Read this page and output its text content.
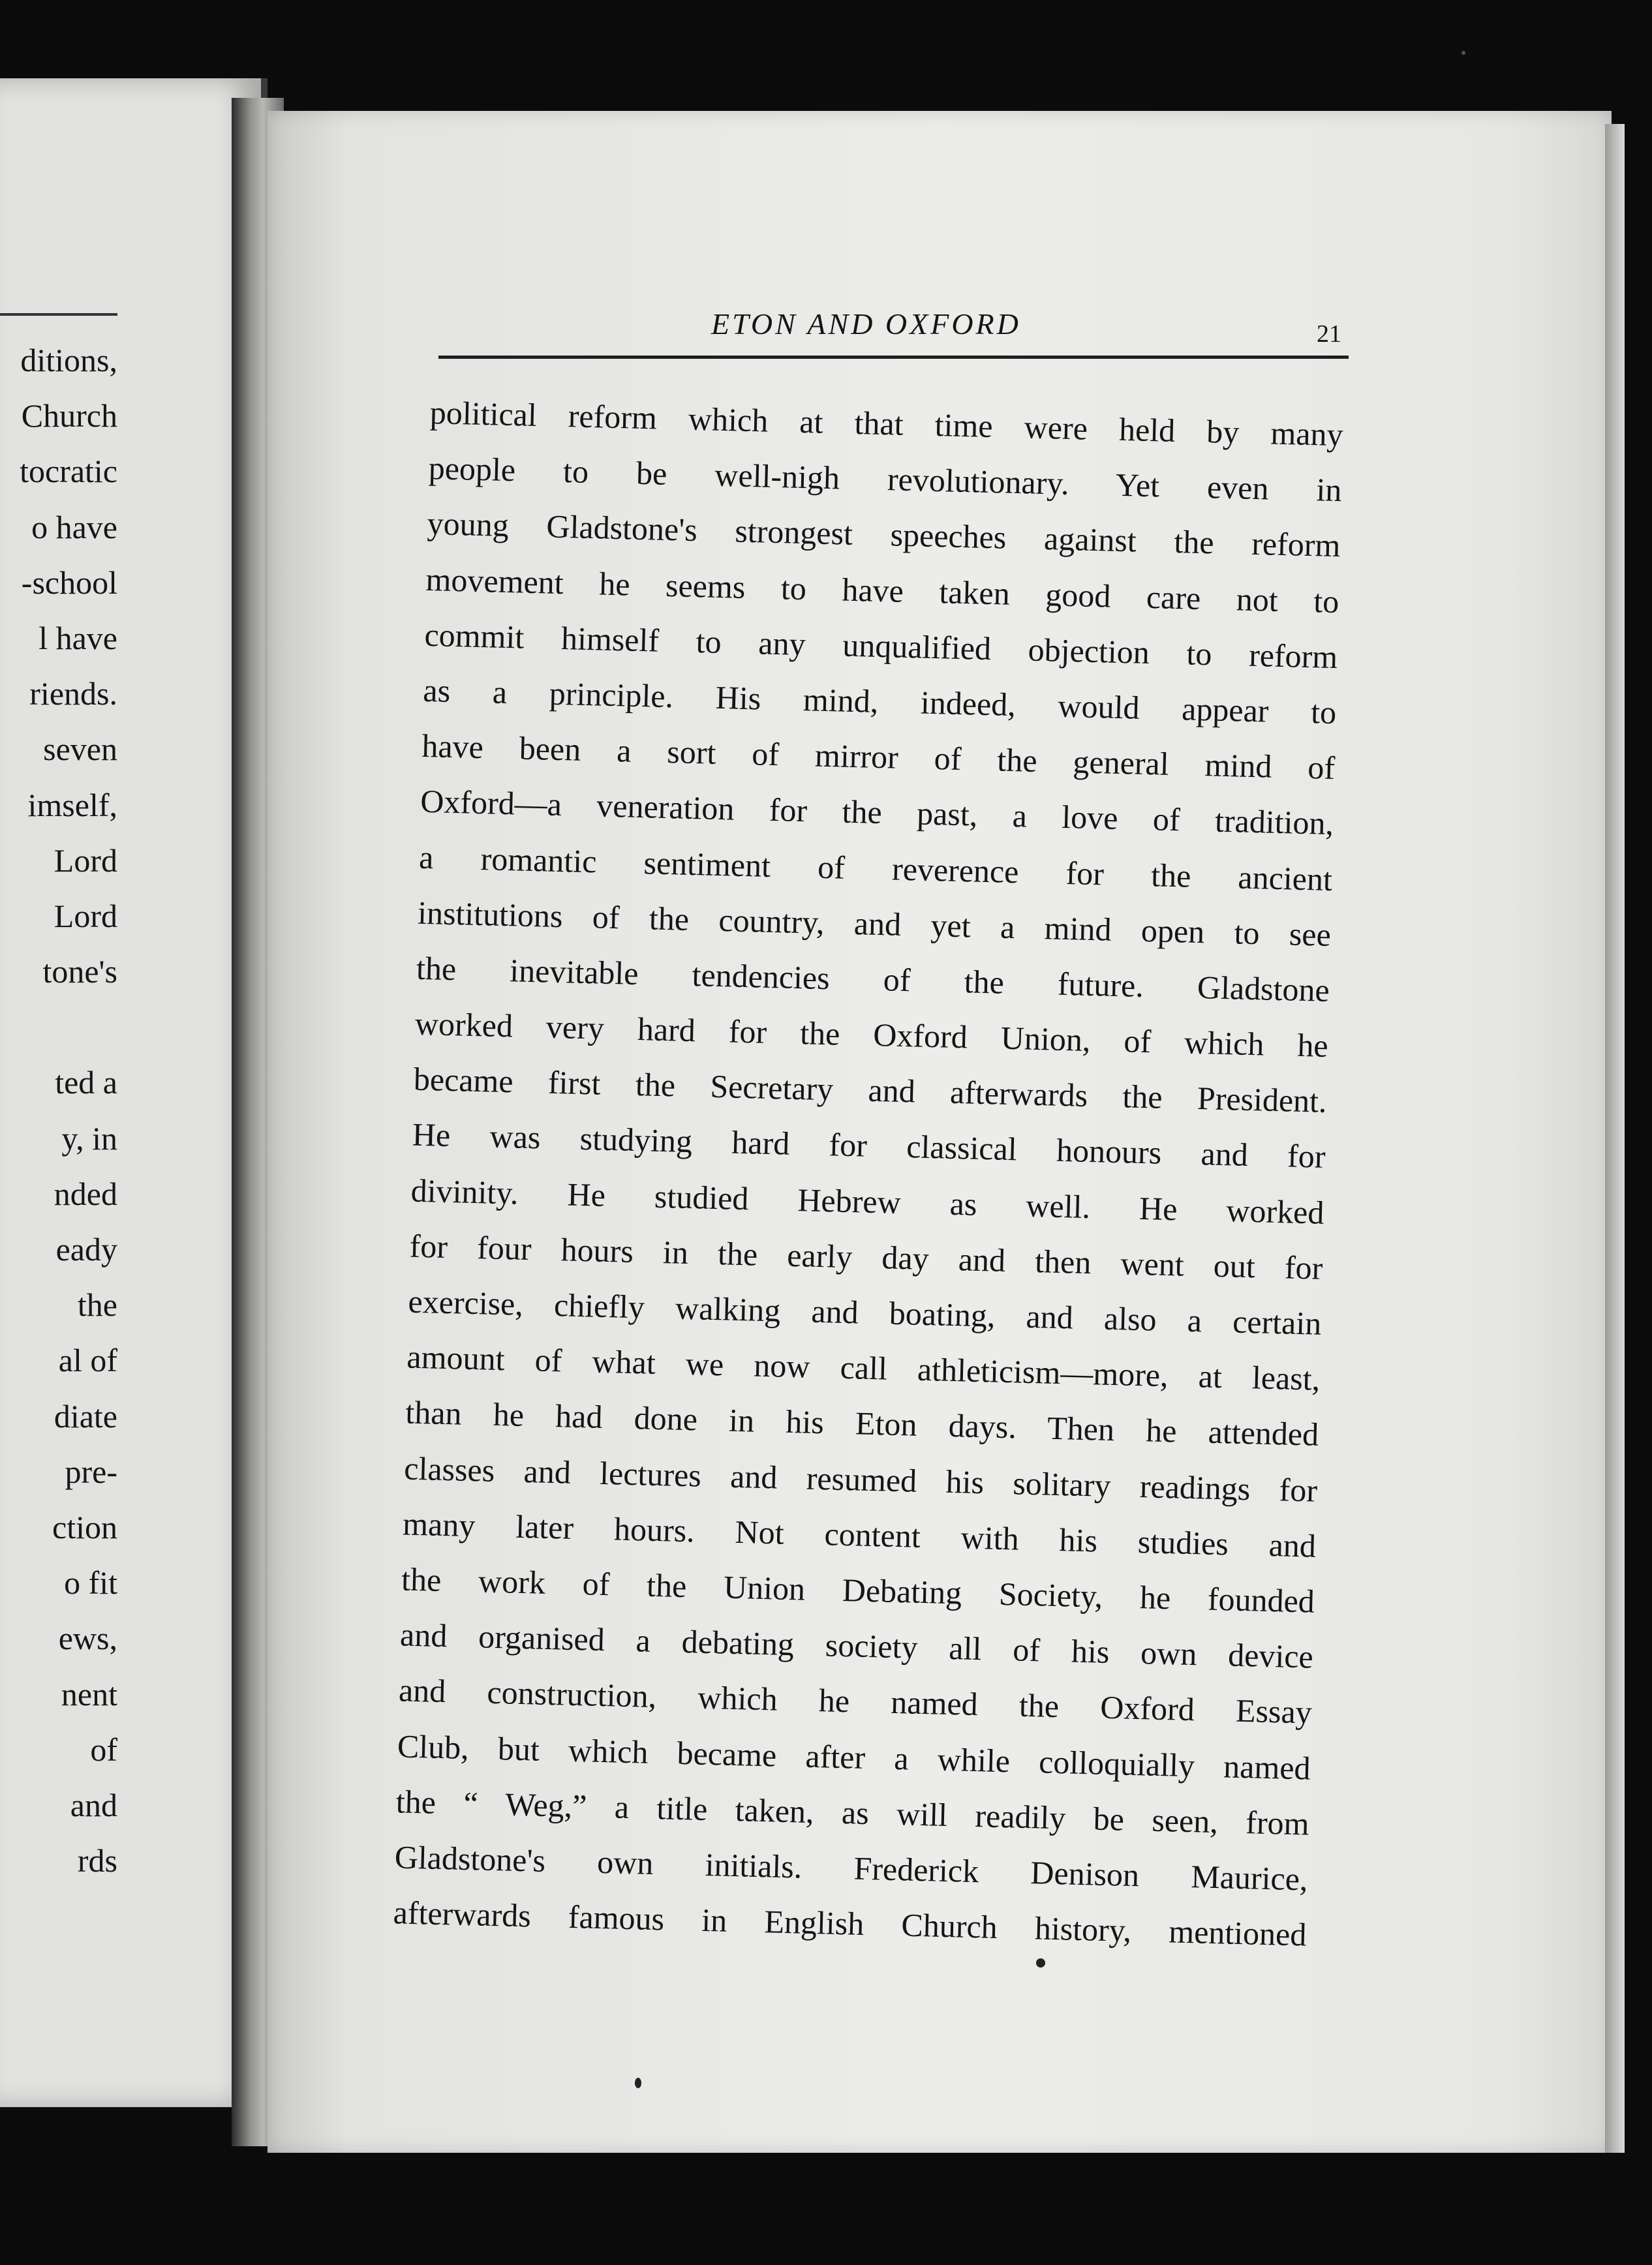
ditions,
Church
tocratic
o have
-school
l have
riends.
seven
imself,
Lord
Lord
tone's
ted a
y, in
nded
eady
the
al of
diate
pre-
ction
o fit
ews,
nent
of
and
rds
ETON AND OXFORD	21
political reform which at that time were held by many
people to be well-nigh revolutionary. Yet even in
young Gladstone's strongest speeches against the reform
movement he seems to have taken good care not to
commit himself to any unqualified objection to reform
as a principle. His mind, indeed, would appear to
have been a sort of mirror of the general mind of
Oxford—a veneration for the past, a love of tradition,
a romantic sentiment of reverence for the ancient
institutions of the country, and yet a mind open to see
the inevitable tendencies of the future. Gladstone
worked very hard for the Oxford Union, of which he
became first the Secretary and afterwards the President.
He was studying hard for classical honours and for
divinity. He studied Hebrew as well. He worked
for four hours in the early day and then went out for
exercise, chiefly walking and boating, and also a certain
amount of what we now call athleticism—more, at least,
than he had done in his Eton days. Then he attended
classes and lectures and resumed his solitary readings for
many later hours. Not content with his studies and
the work of the Union Debating Society, he founded
and organised a debating society all of his own device
and construction, which he named the Oxford Essay
Club, but which became after a while colloquially named
the “ Weg,” a title taken, as will readily be seen, from
Gladstone's own initials. Frederick Denison Maurice,
afterwards famous in English Church history, mentioned
